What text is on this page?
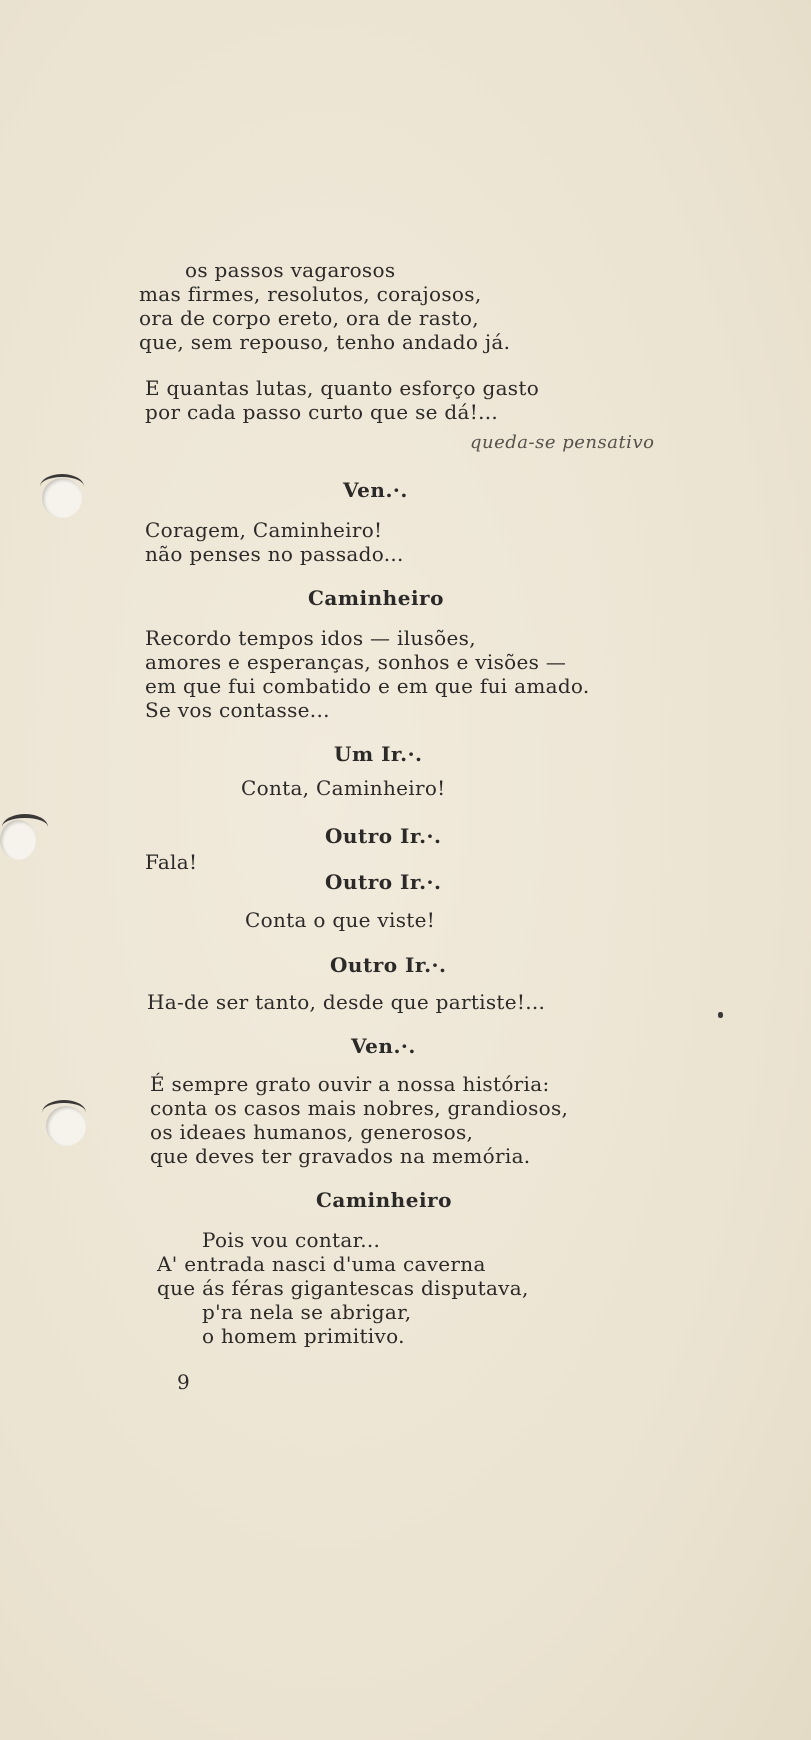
os passos vagarosos
mas firmes, resolutos, corajosos,
ora de corpo ereto, ora de rasto,
que, sem repouso, tenho andado já.
E quantas lutas, quanto esforço gasto
por cada passo curto que se dá!...
queda-se pensativo
Ven.·.
Coragem, Caminheiro!
não penses no passado...
Caminheiro
Recordo tempos idos — ilusões,
amores e esperanças, sonhos e visões —
em que fui combatido e em que fui amado.
Se vos contasse...
Um Ir.·.
Conta, Caminheiro!
Outro Ir.·.
Fala!
Outro Ir.·.
Conta o que viste!
Outro Ir.·.
Ha-de ser tanto, desde que partiste!...
Ven.·.
É sempre grato ouvir a nossa história:
conta os casos mais nobres, grandiosos,
os ideaes humanos, generosos,
que deves ter gravados na memória.
Caminheiro
Pois vou contar...
A' entrada nasci d'uma caverna
que ás féras gigantescas disputava,
p'ra nela se abrigar,
o homem primitivo.
9
